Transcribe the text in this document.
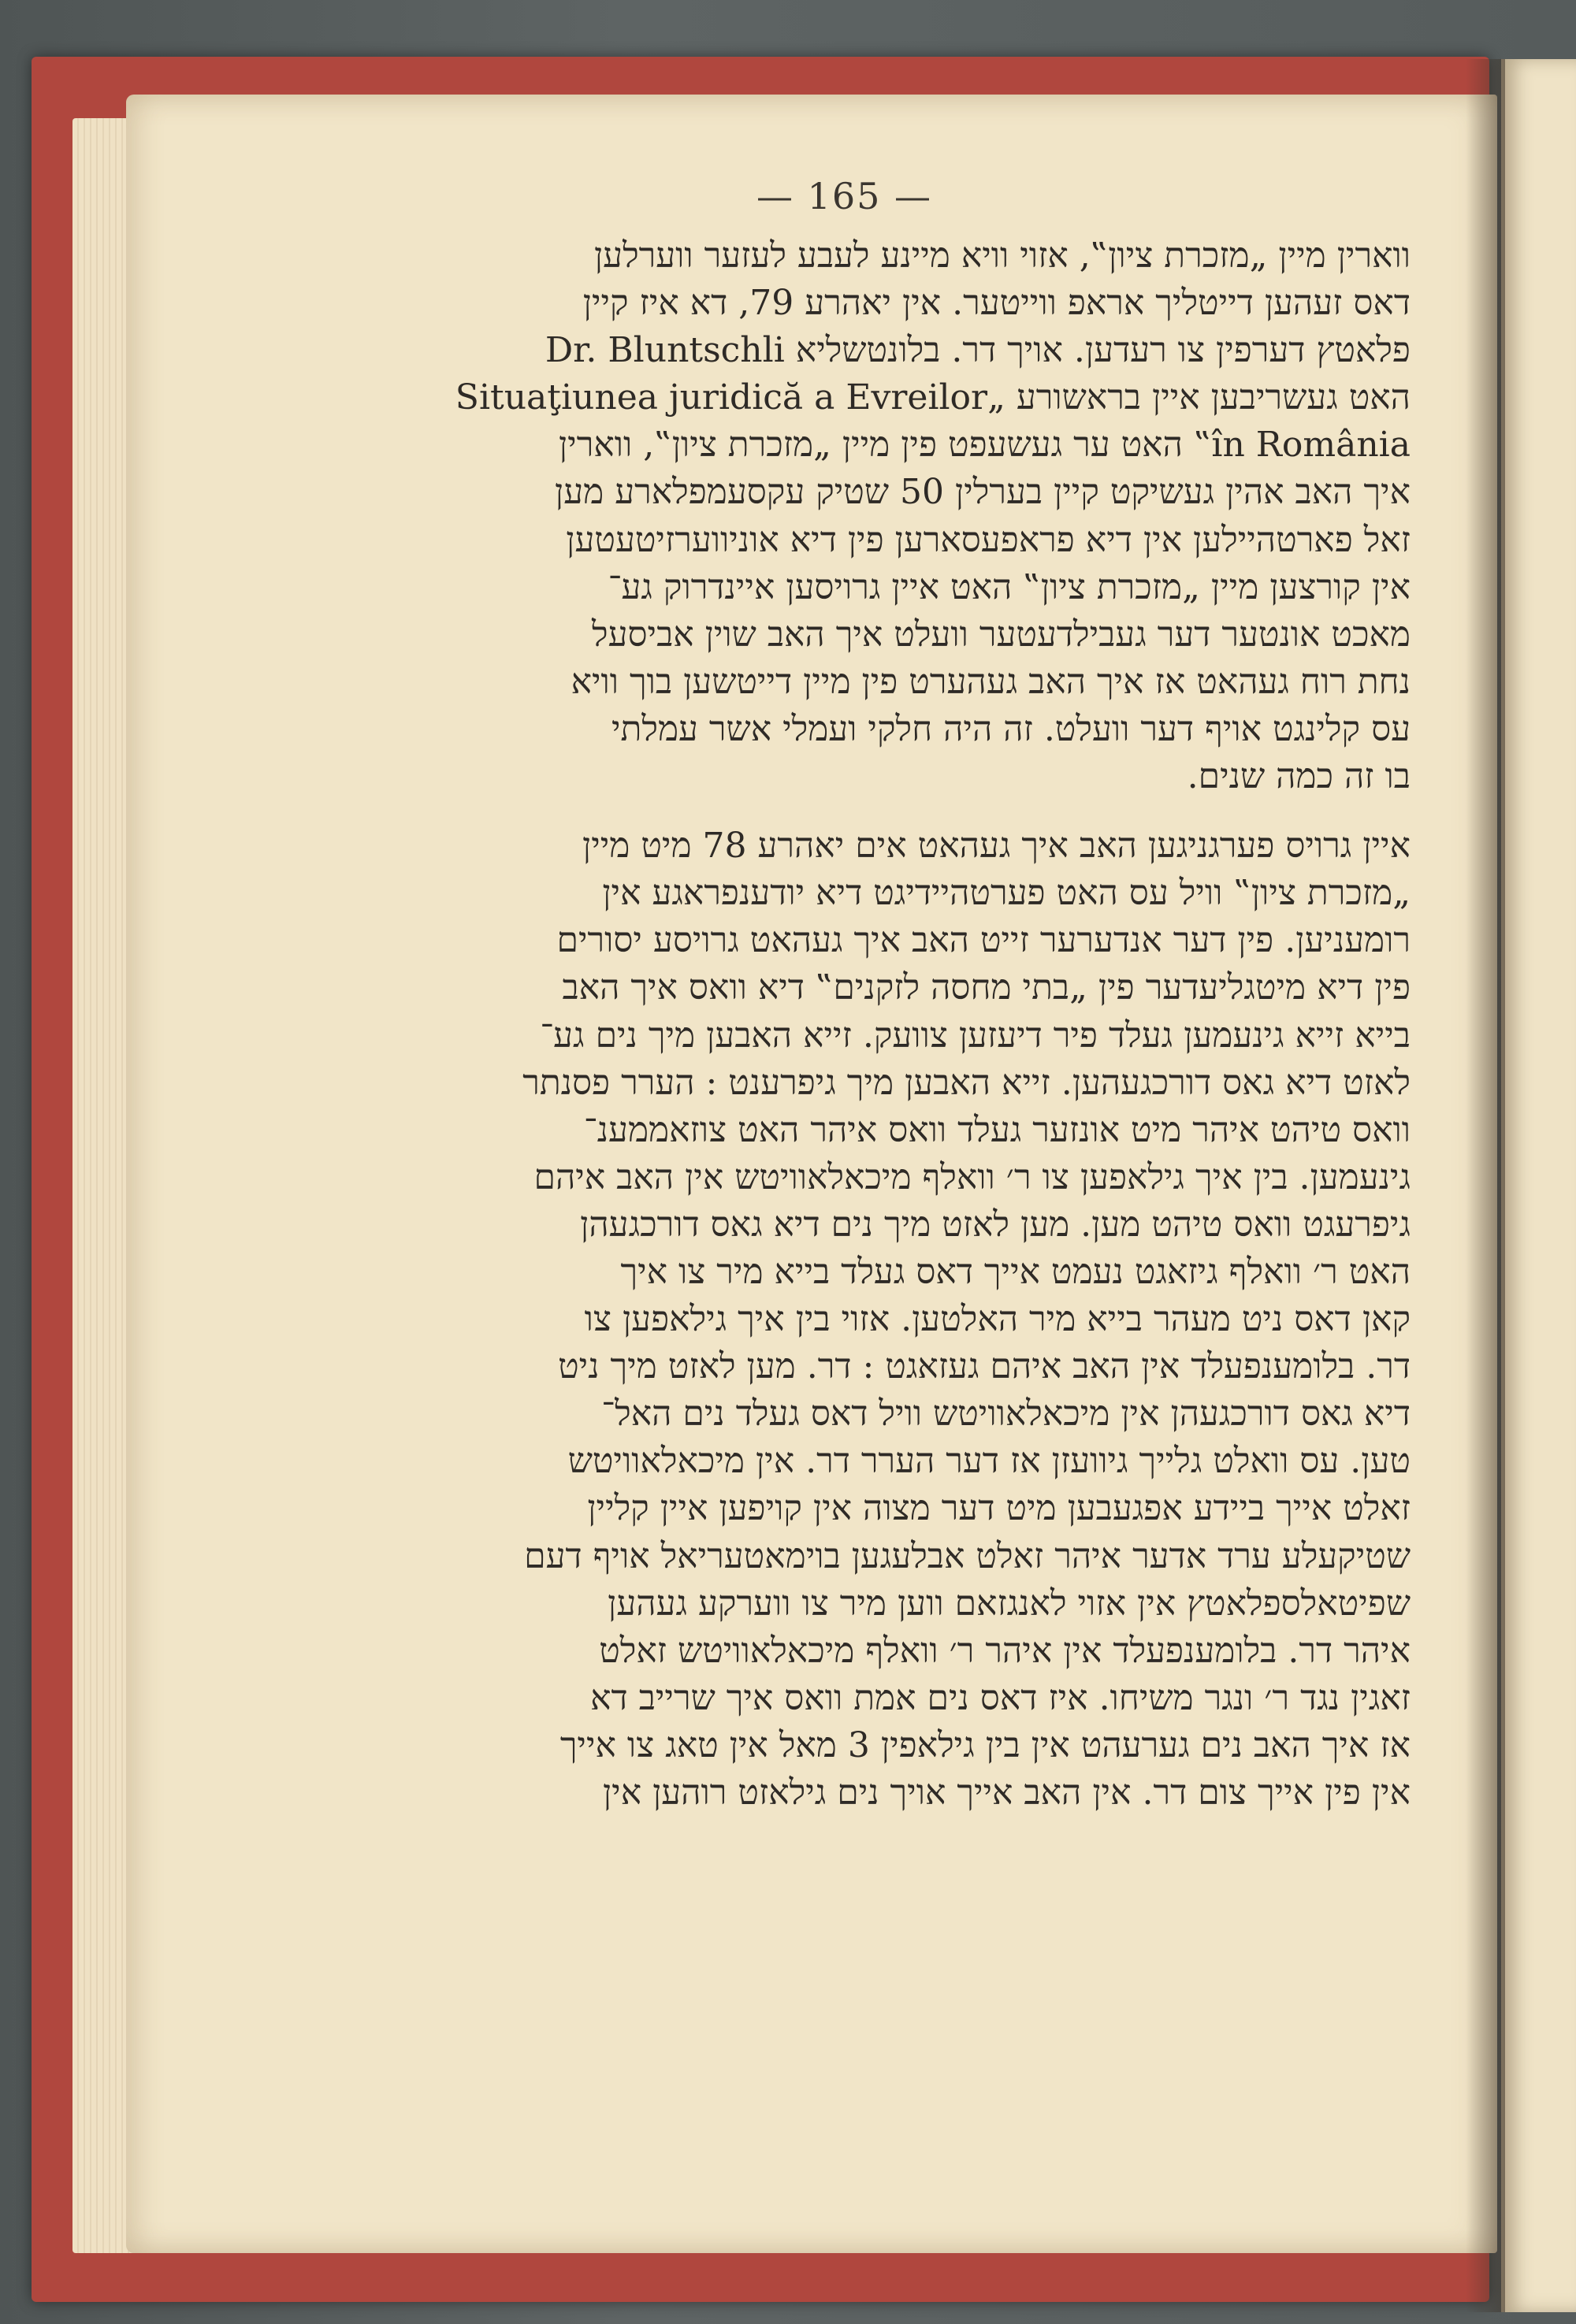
— 165 —

ווארין מיין „מזכרת ציון‟, אזוי וויא מיינע לעבע לעזער ווערלען
דאס זעהען דייטליך אראפ ווייטער. אין יאהרע 79, דא איז קיין
פלאטץ דערפין צו רעדען. אויך דר. בלונטשליא Dr. Bluntschli
האט געשריבען איין בראשורע „Situaţiunea juridică a Evreilor
în România‟ האט ער געשעפט פין מיין „מזכרת ציון‟, ווארין
איך האב אהין געשיקט קיין בערלין 50 שטיק עקסעמפלארע מען
זאל פארטהיילען אין דיא פראפעסארען פין דיא אוניווערזיטעטען

אין קורצען מיין „מזכרת ציון‟ האט איין גרויסען איינדרוק גע־
מאכט אונטער דער געבילדעטער וועלט איך האב שוין אביסעל
נחת רוח געהאט אז איך האב געהערט פין מיין דייטשען בוך וויא
עס קלינגט אויף דער וועלט. זה היה חלקי ועמלי אשר עמלתי
בו זה כמה שנים.

איין גרויס פערגניגען האב איך געהאט אים יאהרע 78 מיט מיין
„מזכרת ציון‟ וויל עס האט פערטהיידיגט דיא יודענפראגע אין
רומעניען. פין דער אנדערער זייט האב איך געהאט גרויסע יסורים
פין דיא מיטגליעדער פין „בתי מחסה לזקנים‟ דיא וואס איך האב
בייא זייא גינעמען געלד פיר דיעזען צוועק. זייא האבען מיך נים גע־
לאזט דיא גאס דורכגעהען. זייא האבען מיך גיפרענט : הערר פסנתר
וואס טיהט איהר מיט אונזער געלד וואס איהר האט צוזאממענ־
גינעמען. בין איך גילאפען צו ר׳ וואלף מיכאלאוויטש אין האב איהם
גיפרעגט וואס טיהט מען. מען לאזט מיך נים דיא גאס דורכגעהן
האט ר׳ וואלף גיזאגט נעמט אייך דאס געלד בייא מיר צו איך
קאן דאס ניט מעהר בייא מיר האלטען. אזוי בין איך גילאפען צו
דר. בלומענפעלד אין האב איהם געזאגט : דר. מען לאזט מיך ניט
דיא גאס דורכגעהן אין מיכאלאוויטש וויל דאס געלד נים האל־
טען. עס וואלט גלייך גיוועזן אז דער הערר דר. אין מיכאלאוויטש
זאלט אייך ביידע אפגעבען מיט דער מצוה אין קויפען איין קליין
שטיקעלע ערד אדער איהר זאלט אבלעגען בוימאטעריאל אויף דעם
שפיטאלספלאטץ אין אזוי לאנגזאם ווען מיר צו ווערקע געהען
איהר דר. בלומענפעלד אין איהר ר׳ וואלף מיכאלאוויטש זאלט
זאגין נגד ר׳ ונגר משיחו. איז דאס נים אמת וואס איך שרייב דא
אז איך האב נים גערעהט אין בין גילאפין 3 מאל אין טאג צו אייך
אין פין אייך צום דר. אין האב אייך אויך נים גילאזט רוהען אין
